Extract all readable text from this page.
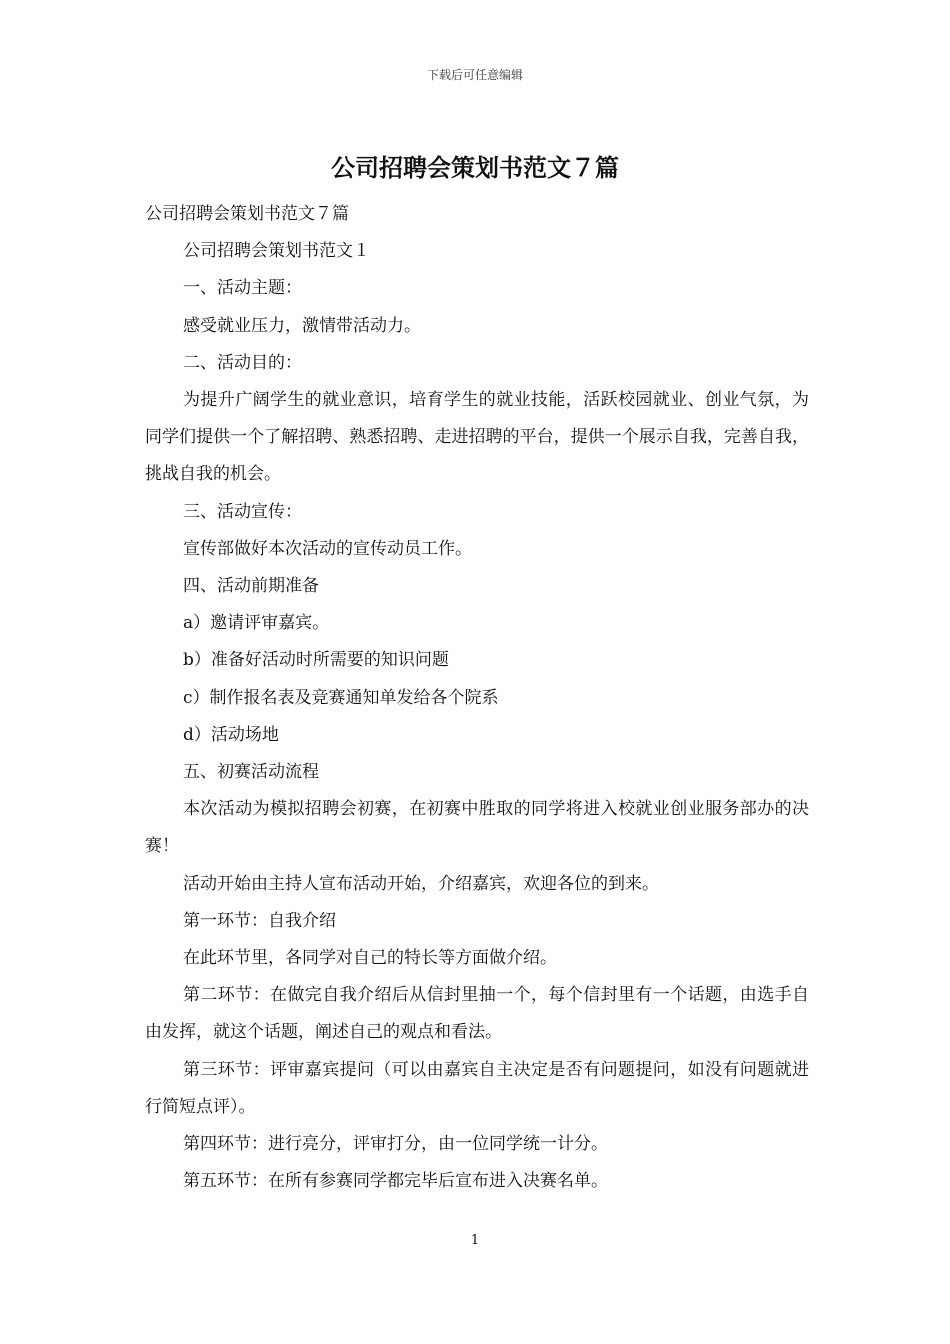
下载后可任意编辑
公司招聘会策划书范文７篇

公司招聘会策划书范文７篇

公司招聘会策划书范文１

一、活动主题：

感受就业压力，激情带活动力。

二、活动目的：

为提升广阔学生的就业意识，培育学生的就业技能，活跃校园就业、创业气氛，为同学们提供一个了解招聘、熟悉招聘、走进招聘的平台，提供一个展示自我，完善自我，挑战自我的机会。

三、活动宣传：

宣传部做好本次活动的宣传动员工作。

四、活动前期准备

a）邀请评审嘉宾。

b）准备好活动时所需要的知识问题

c）制作报名表及竞赛通知单发给各个院系

d）活动场地

五、初赛活动流程

本次活动为模拟招聘会初赛，在初赛中胜取的同学将进入校就业创业服务部办的决赛！

活动开始由主持人宣布活动开始，介绍嘉宾，欢迎各位的到来。

第一环节：自我介绍

在此环节里，各同学对自己的特长等方面做介绍。

第二环节：在做完自我介绍后从信封里抽一个，每个信封里有一个话题，由选手自由发挥，就这个话题，阐述自己的观点和看法。

第三环节：评审嘉宾提问（可以由嘉宾自主决定是否有问题提问，如没有问题就进行简短点评）。

第四环节：进行亮分，评审打分，由一位同学统一计分。

第五环节：在所有参赛同学都完毕后宣布进入决赛名单。

1
